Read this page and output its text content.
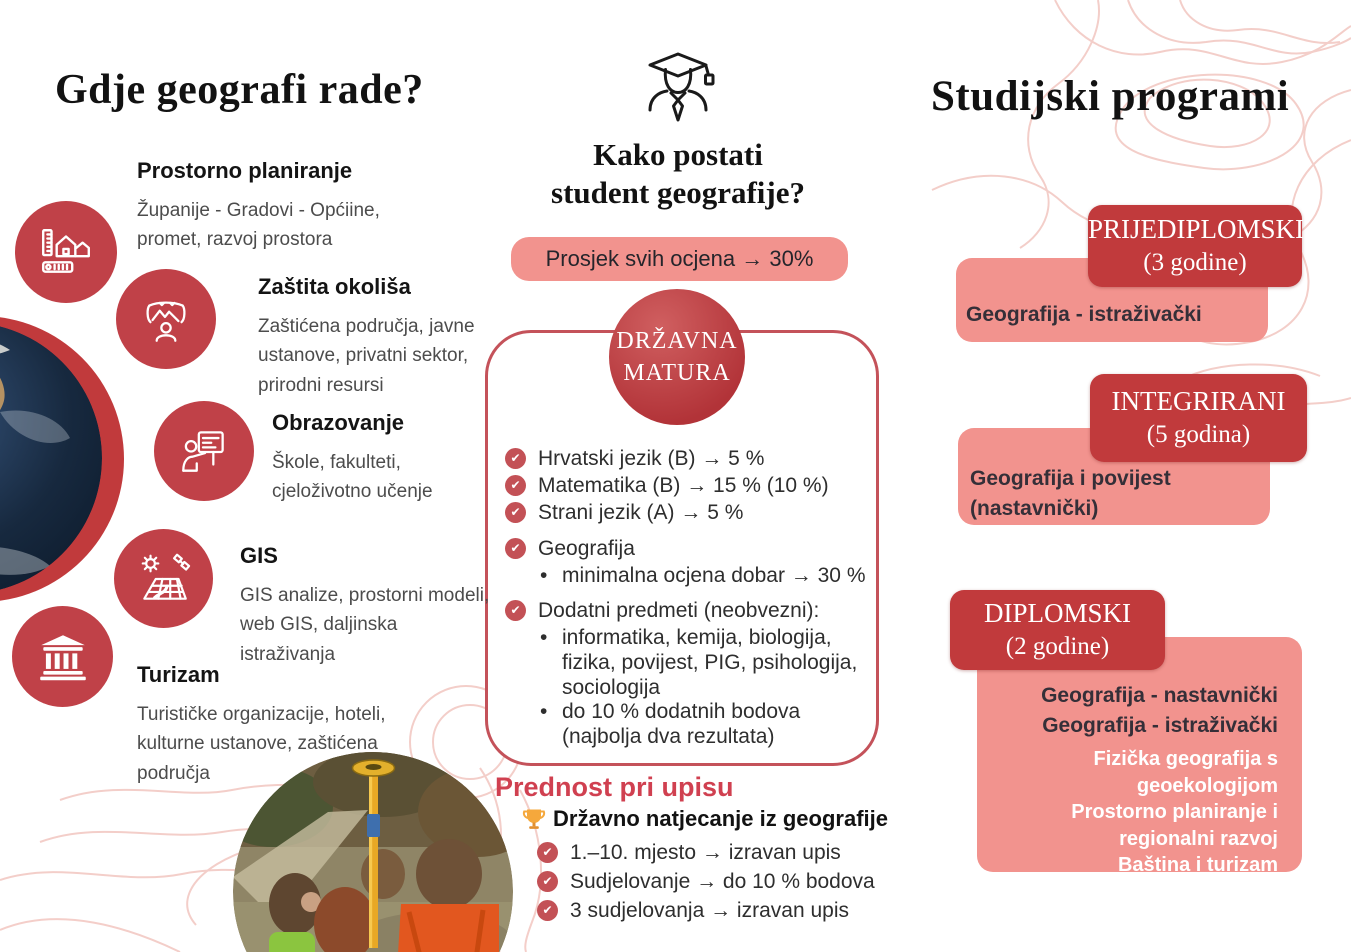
Gdje geografi rade?
Prostorno planiranje
Županije - Gradovi - Općiine, promet, razvoj prostora
Zaštita okoliša
Zaštićena područja, javne ustanove, privatni sektor, prirodni resursi
Obrazovanje
Škole, fakulteti, cjeloživotno učenje
GIS
GIS analize, prostorni modeli, web GIS, daljinska istraživanja
Turizam
Turističke organizacije, hoteli, kulturne ustanove, zaštićena područja
Kako postati
student geografije?
Prosjek svih ocjena → 30%
DRŽAVNA
MATURA
✔ Hrvatski jezik (B) → 5 %
✔ Matematika (B) → 15 % (10 %)
✔ Strani jezik (A) → 5 %
✔ Geografija
• minimalna ocjena dobar → 30 %
✔ Dodatni predmeti (neobvezni):
• informatika, kemija, biologija, fizika, povijest, PIG, psihologija, sociologija
• do 10 % dodatnih bodova (najbolja dva rezultata)
Prednost pri upisu
Državno natjecanje iz geografije
✔ 1.–10. mjesto → izravan upis
✔ Sudjelovanje → do 10 % bodova
✔ 3 sudjelovanja → izravan upis
Studijski programi
Geografija - istraživački
PRIJEDIPLOMSKI
(3 godine)
Geografija i povijest
(nastavnički)
INTEGRIRANI
(5 godina)
Geografija - nastavnički
Geografija - istraživački
Fizička geografija s geoekologijom
Prostorno planiranje i regionalni razvoj
Baština i turizam
Geografski informacijski sustavu
DIPLOMSKI
(2 godine)
